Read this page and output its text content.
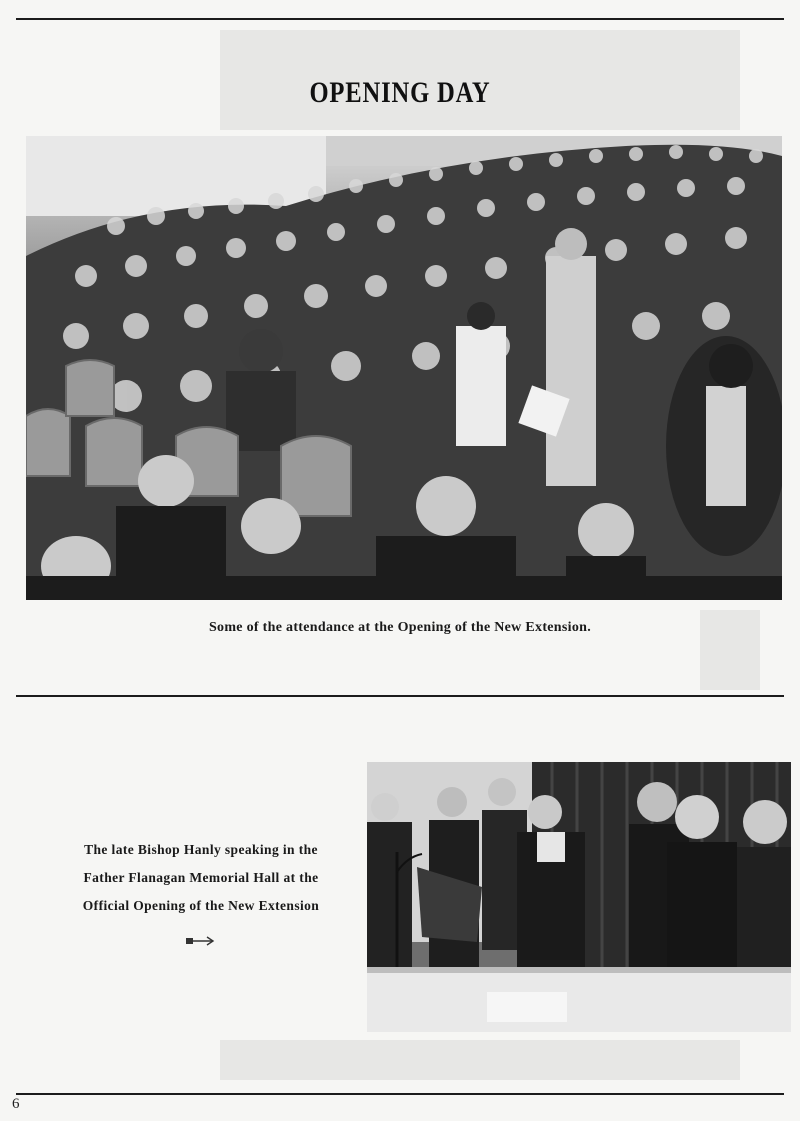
OPENING DAY
Some of the attendance at the Opening of the New Extension.
The late Bishop Hanly speaking in the
Father Flanagan Memorial Hall at the
Official Opening of the New Extension
6
